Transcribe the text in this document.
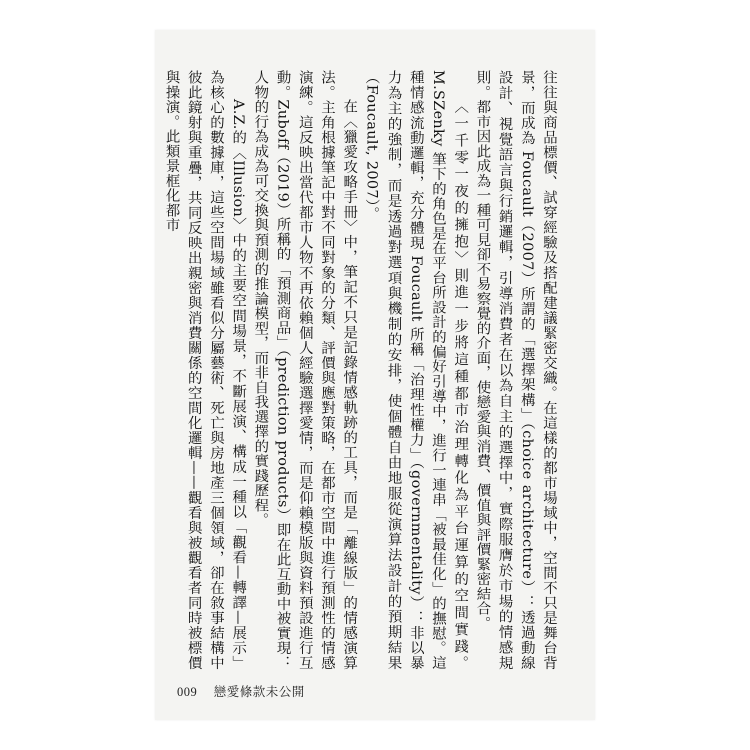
往往與商品標價、試穿經驗及搭配建議緊密交織。在這樣的都市場域中，空間不只是舞台背景，而成為 Foucault（2007）所謂的「選擇架構」（choice architecture）：透過動線設計、視覺語言與行銷邏輯，引導消費者在以為自主的選擇中，實際服膺於市場的情感規則。都市因此成為一種可見卻不易察覺的介面，使戀愛與消費、價值與評價緊密結合。

〈一千零一夜的擁抱〉則進一步將這種都市治理轉化為平台運算的空間實踐。M.SZenky 筆下的角色是在平台所設計的偏好引導中，進行一連串「被最佳化」的撫慰。這種情感流動邏輯，充分體現 Foucault 所稱「治理性權力」（governmentality）：非以暴力為主的強制，而是透過對選項與機制的安排，使個體自由地服從演算法設計的預期結果（Foucault, 2007）。

在〈獵愛攻略手冊〉中，筆記不只是記錄情感軌跡的工具，而是「離線版」的情感演算法。主角根據筆記中對不同對象的分類、評價與應對策略，在都市空間中進行預測性的情感演練。這反映出當代都市人物不再依賴個人經驗選擇愛情，而是仰賴模版與資料預設進行互動。Zuboff（2019）所稱的「預測商品」（prediction products）即在此互動中被實現：人物的行為成為可交換與預測的推論模型，而非自我選擇的實踐歷程。

A.Z.的〈Illusion〉中的主要空間場景，不斷展演、構成一種以「觀看—轉譯—展示」為核心的數據庫，這些空間場域雖看似分屬藝術、死亡與房地產三個領域，卻在敘事結構中彼此鏡射與重疊，共同反映出親密與消費關係的空間化邏輯——觀看與被觀看者同時被標價與操演。此類景框化都市

009 戀愛條款未公開
